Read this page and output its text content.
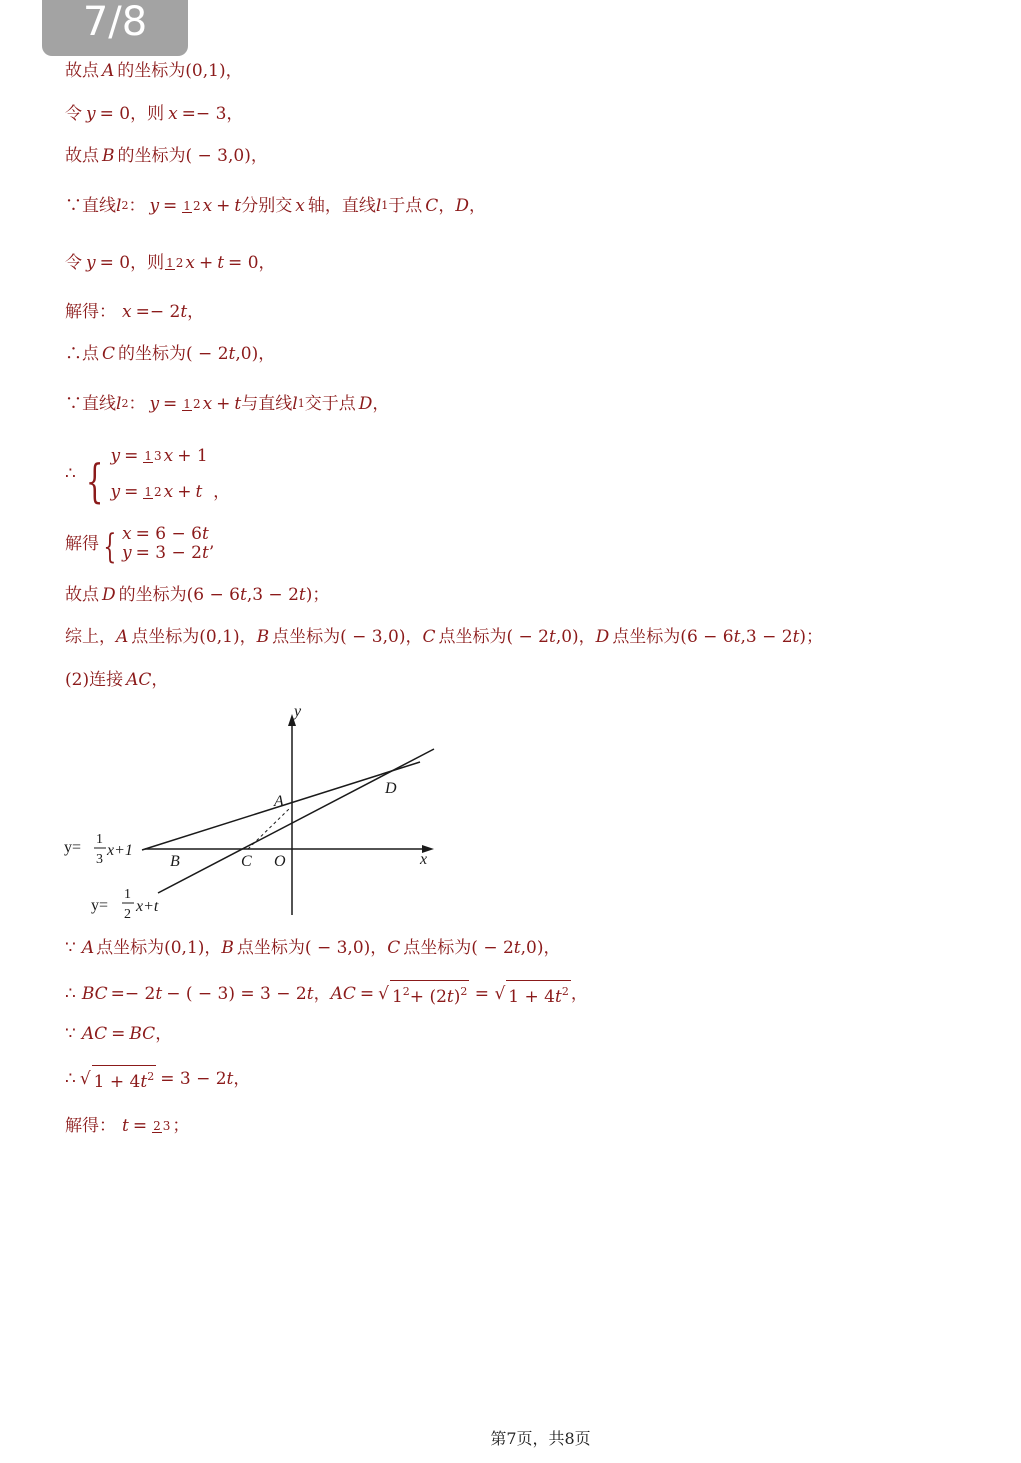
7/8
故点 A 的坐标为(0,1)，
令 y = 0，则 x =− 3，
故点 B 的坐标为( − 3,0)，
∵直线 l 2 ： y = 1 2 x + t 分别交 x 轴，直线 l 1 于点 C ， D ，
令 y = 0，则 1 2 x + t = 0，
解得： x =− 2 t ，
∴点 C 的坐标为( − 2 t ,0)，
∵直线 l 2 ： y = 1 2 x + t 与直线 l 1 交于点 D ，
∴ { y = 1 3 x + 1
y = 1 2 x + t ，
解得 { x = 6 − 6 t
y = 3 − 2 t ’
故点 D 的坐标为(6 − 6 t ,3 − 2 t )；
综上， A 点坐标为(0,1)， B 点坐标为( − 3,0)， C 点坐标为( − 2 t ,0)， D 点坐标为(6 − 6 t ,3 − 2 t )；
(2)连接 AC ，
y
x
A
B	C O
D
y= 1
3
x+1
y=
1
2 x+t
∵ A 点坐标为(0,1)， B 点坐标为( − 3,0)， C 点坐标为( − 2 t ,0)，
∴ BC =− 2 t − ( − 3) = 3 − 2 t ， AC = √ $1^2+ (2t)^2$ = √ $1 + 4t^2$ ，
∵ AC = BC ，
∴ √ $1 + 4t^2 = 3 - 2$ t ，
解得： t = 2 3 ；
第7页，共8页
